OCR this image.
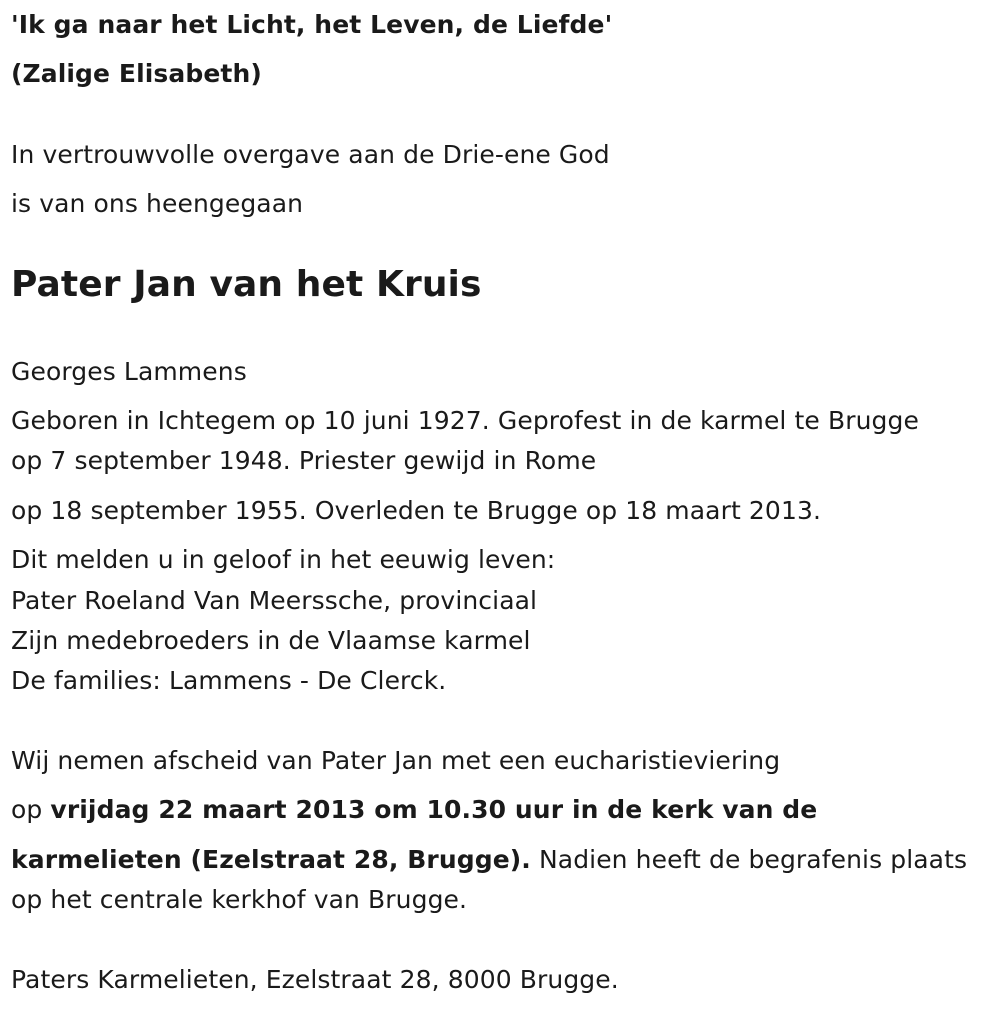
'Ik ga naar het Licht, het Leven, de Liefde'
(Zalige Elisabeth)
In vertrouwvolle overgave aan de Drie-ene God
is van ons heengegaan
Pater Jan van het Kruis
Georges Lammens
Geboren in Ichtegem op 10 juni 1927. Geprofest in de karmel te Brugge
op 7 september 1948. Priester gewijd in Rome
op 18 september 1955. Overleden te Brugge op 18 maart 2013.
Dit melden u in geloof in het eeuwig leven:
Pater Roeland Van Meerssche, provinciaal
Zijn medebroeders in de Vlaamse karmel
De families: Lammens - De Clerck.
Wij nemen afscheid van Pater Jan met een eucharistieviering
op vrijdag 22 maart 2013 om 10.30 uur in de kerk van de
karmelieten (Ezelstraat 28, Brugge). Nadien heeft de begrafenis plaats
op het centrale kerkhof van Brugge.
Paters Karmelieten, Ezelstraat 28, 8000 Brugge.
